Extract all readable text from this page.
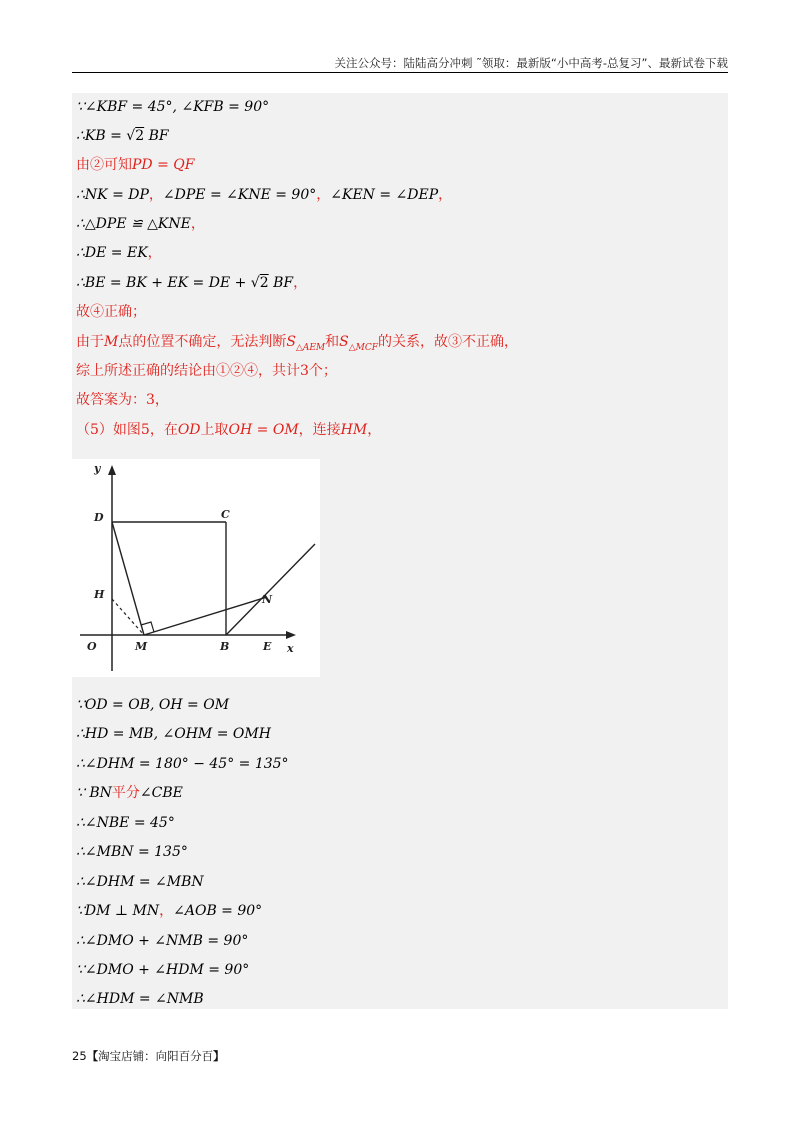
关注公众号：陆陆高分冲刺 ˜领取：最新版“小中高考-总复习”、最新试卷下载
∵∠KBF = 45°, ∠KFB = 90°
∴KB = √2 BF
由②可知PD = QF
∴NK = DP，∠DPE = ∠KNE = 90°，∠KEN = ∠DEP，
∴△DPE ≌ △KNE，
∴DE = EK，
∴BE = BK + EK = DE + √2 BF，
故④正确；
由于M点的位置不确定，无法判断$S_{\triangle AEM}$和$S_{\triangle MCF}$的关系，故③不正确，
综上所述正确的结论由①②④，共计3个；
故答案为：3，
（5）如图5，在OD上取OH = OM，连接HM，
y
D	C
H	N
O	M	B	E x
∵OD = OB, OH = OM
∴HD = MB, ∠OHM = OMH
∴∠DHM = 180° − 45° = 135°
∵ BN平分∠CBE
∴∠NBE = 45°
∴∠MBN = 135°
∴∠DHM = ∠MBN
∵DM ⊥ MN，∠AOB = 90°
∴∠DMO + ∠NMB = 90°
∵∠DMO + ∠HDM = 90°
∴∠HDM = ∠NMB
25【淘宝店铺：向阳百分百】
